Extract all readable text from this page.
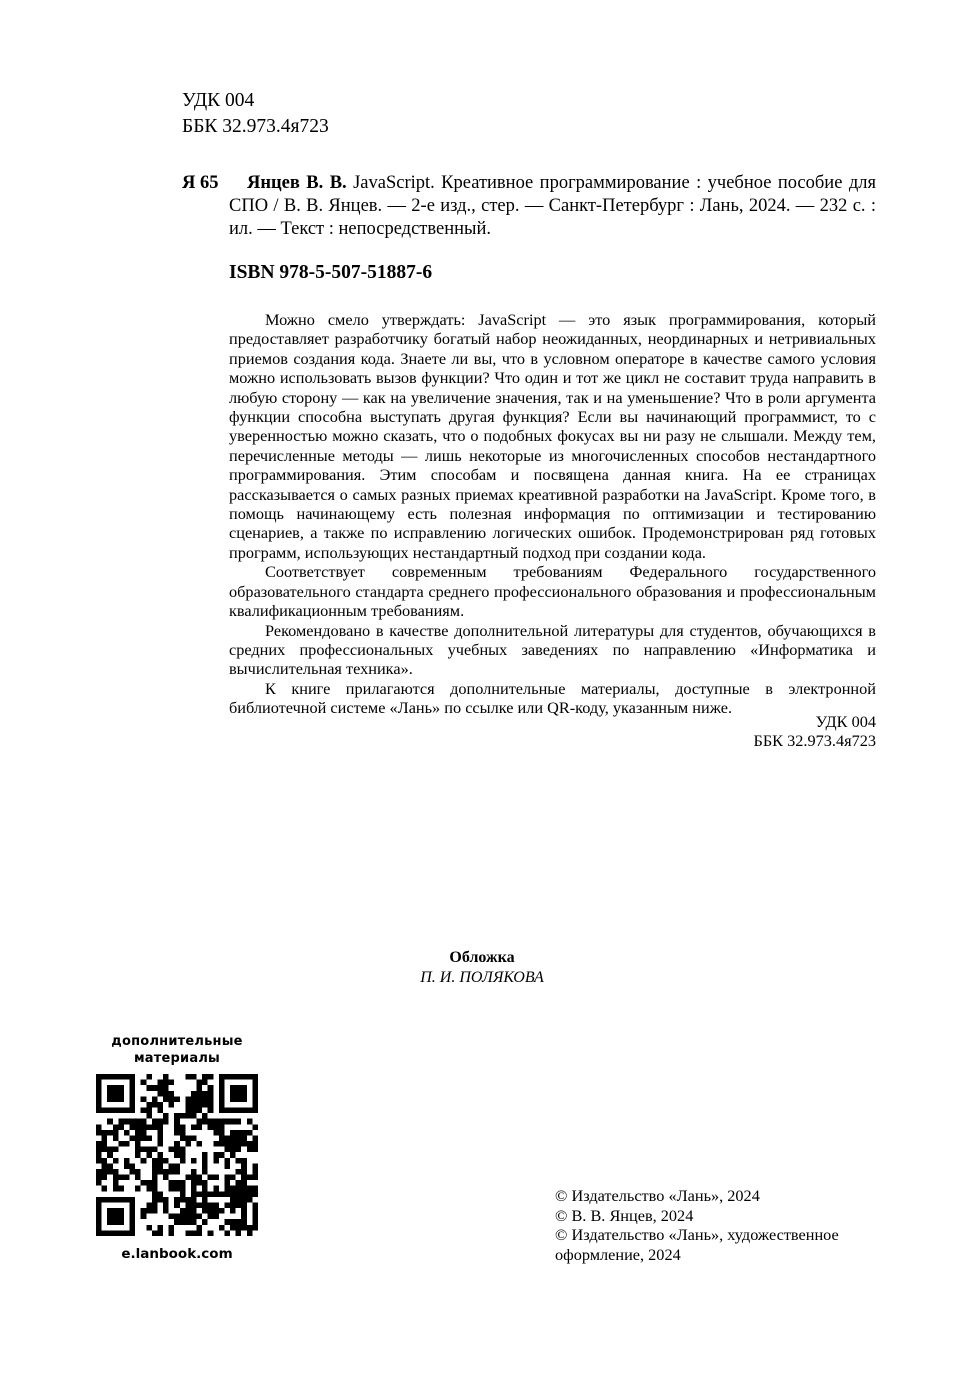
УДК 004
ББК 32.973.4я723
Я 65	Янцев В. В. JavaScript. Креативное программирование : учебное пособие для СПО / В. В. Янцев. — 2-е изд., стер. — Санкт-Петербург : Лань, 2024. — 232 с. : ил. — Текст : непосредственный.
ISBN 978-5-507-51887-6

Можно смело утверждать: JavaScript — это язык программирования, который предоставляет разработчику богатый набор неожиданных, неординарных и нетривиальных приемов создания кода. Знаете ли вы, что в условном операторе в качестве самого условия можно использовать вызов функции? Что один и тот же цикл не составит труда направить в любую сторону — как на увеличение значения, так и на уменьшение? Что в роли аргумента функции способна выступать другая функция? Если вы начинающий программист, то с уверенностью можно сказать, что о подобных фокусах вы ни разу не слышали. Между тем, перечисленные методы — лишь некоторые из многочисленных способов нестандартного программирования. Этим способам и посвящена данная книга. На ее страницах рассказывается о самых разных приемах креативной разработки на JavaScript. Кроме того, в помощь начинающему есть полезная информация по оптимизации и тестированию сценариев, а также по исправлению логических ошибок. Продемонстрирован ряд готовых программ, использующих нестандартный подход при создании кода.

Соответствует современным требованиям Федерального государственного образовательного стандарта среднего профессионального образования и профессиональным квалификационным требованиям.

Рекомендовано в качестве дополнительной литературы для студентов, обучающихся в средних профессиональных учебных заведениях по направлению «Информатика и вычислительная техника».

К книге прилагаются дополнительные материалы, доступные в электронной библиотечной системе «Лань» по ссылке или QR-коду, указанным ниже.

УДК 004
ББК 32.973.4я723
Обложка
П. И. ПОЛЯКОВА
дополнительные
материалы
e.lanbook.com
© Издательство «Лань», 2024
© В. В. Янцев, 2024
© Издательство «Лань», художественное оформление, 2024
